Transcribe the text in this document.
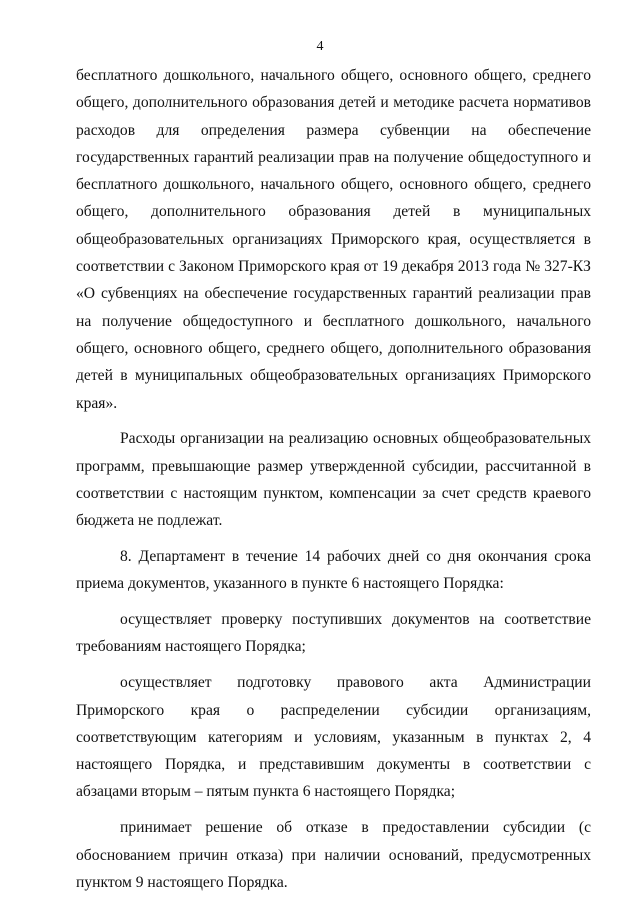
4

бесплатного дошкольного, начального общего, основного общего, среднего общего, дополнительного образования детей и методике расчета нормативов расходов для определения размера субвенции на обеспечение государственных гарантий реализации прав на получение общедоступного и бесплатного дошкольного, начального общего, основного общего, среднего общего, дополнительного образования детей в муниципальных общеобразовательных организациях Приморского края, осуществляется в соответствии с Законом Приморского края от 19 декабря 2013 года № 327-КЗ «О субвенциях на обеспечение государственных гарантий реализации прав на получение общедоступного и бесплатного дошкольного, начального общего, основного общего, среднего общего, дополнительного образования детей в муниципальных общеобразовательных организациях Приморского края».

Расходы организации на реализацию основных общеобразовательных программ, превышающие размер утвержденной субсидии, рассчитанной в соответствии с настоящим пунктом, компенсации за счет средств краевого бюджета не подлежат.

8. Департамент в течение 14 рабочих дней со дня окончания срока приема документов, указанного в пункте 6 настоящего Порядка:

осуществляет проверку поступивших документов на соответствие требованиям настоящего Порядка;

осуществляет подготовку правового акта Администрации Приморского края о распределении субсидии организациям, соответствующим категориям и условиям, указанным в пунктах 2, 4 настоящего Порядка, и представившим документы в соответствии с абзацами вторым – пятым пункта 6 настоящего Порядка;

принимает решение об отказе в предоставлении субсидии (с обоснованием причин отказа) при наличии оснований, предусмотренных пунктом 9 настоящего Порядка.
